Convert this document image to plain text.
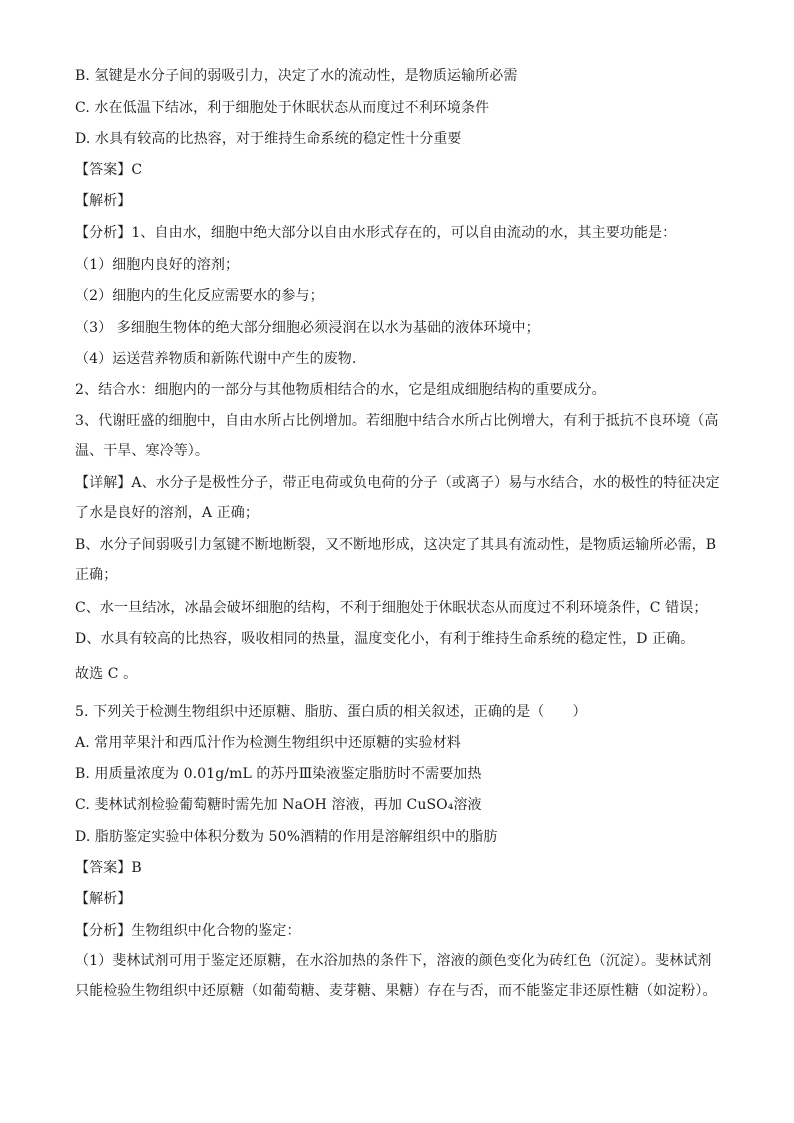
B. 氢键是水分子间的弱吸引力，决定了水的流动性，是物质运输所必需
C. 水在低温下结冰，利于细胞处于休眠状态从而度过不利环境条件
D. 水具有较高的比热容，对于维持生命系统的稳定性十分重要
【答案】C
【解析】
【分析】1、自由水，细胞中绝大部分以自由水形式存在的，可以自由流动的水，其主要功能是：
（1）细胞内良好的溶剂；
（2）细胞内的生化反应需要水的参与；
（3） 多细胞生物体的绝大部分细胞必须浸润在以水为基础的液体环境中；
（4）运送营养物质和新陈代谢中产生的废物.
2、结合水：细胞内的一部分与其他物质相结合的水，它是组成细胞结构的重要成分。
3、代谢旺盛的细胞中，自由水所占比例增加。若细胞中结合水所占比例增大，有利于抵抗不良环境（高温、干旱、寒冷等）。
【详解】A、水分子是极性分子，带正电荷或负电荷的分子（或离子）易与水结合，水的极性的特征决定了水是良好的溶剂，A 正确；
B、水分子间弱吸引力氢键不断地断裂，又不断地形成，这决定了其具有流动性，是物质运输所必需，B 正确；
C、水一旦结冰，冰晶会破坏细胞的结构，不利于细胞处于休眠状态从而度过不利环境条件，C 错误；
D、水具有较高的比热容，吸收相同的热量，温度变化小，有利于维持生命系统的稳定性，D 正确。
故选 C 。
5. 下列关于检测生物组织中还原糖、脂肪、蛋白质的相关叙述，正确的是（　　）
A. 常用苹果汁和西瓜汁作为检测生物组织中还原糖的实验材料
B. 用质量浓度为 0.01g/mL 的苏丹Ⅲ染液鉴定脂肪时不需要加热
C. 斐林试剂检验葡萄糖时需先加 NaOH 溶液，再加 CuSO₄溶液
D. 脂肪鉴定实验中体积分数为 50%酒精的作用是溶解组织中的脂肪
【答案】B
【解析】
【分析】生物组织中化合物的鉴定：
（1）斐林试剂可用于鉴定还原糖，在水浴加热的条件下，溶液的颜色变化为砖红色（沉淀）。斐林试剂只能检验生物组织中还原糖（如葡萄糖、麦芽糖、果糖）存在与否，而不能鉴定非还原性糖（如淀粉）。
